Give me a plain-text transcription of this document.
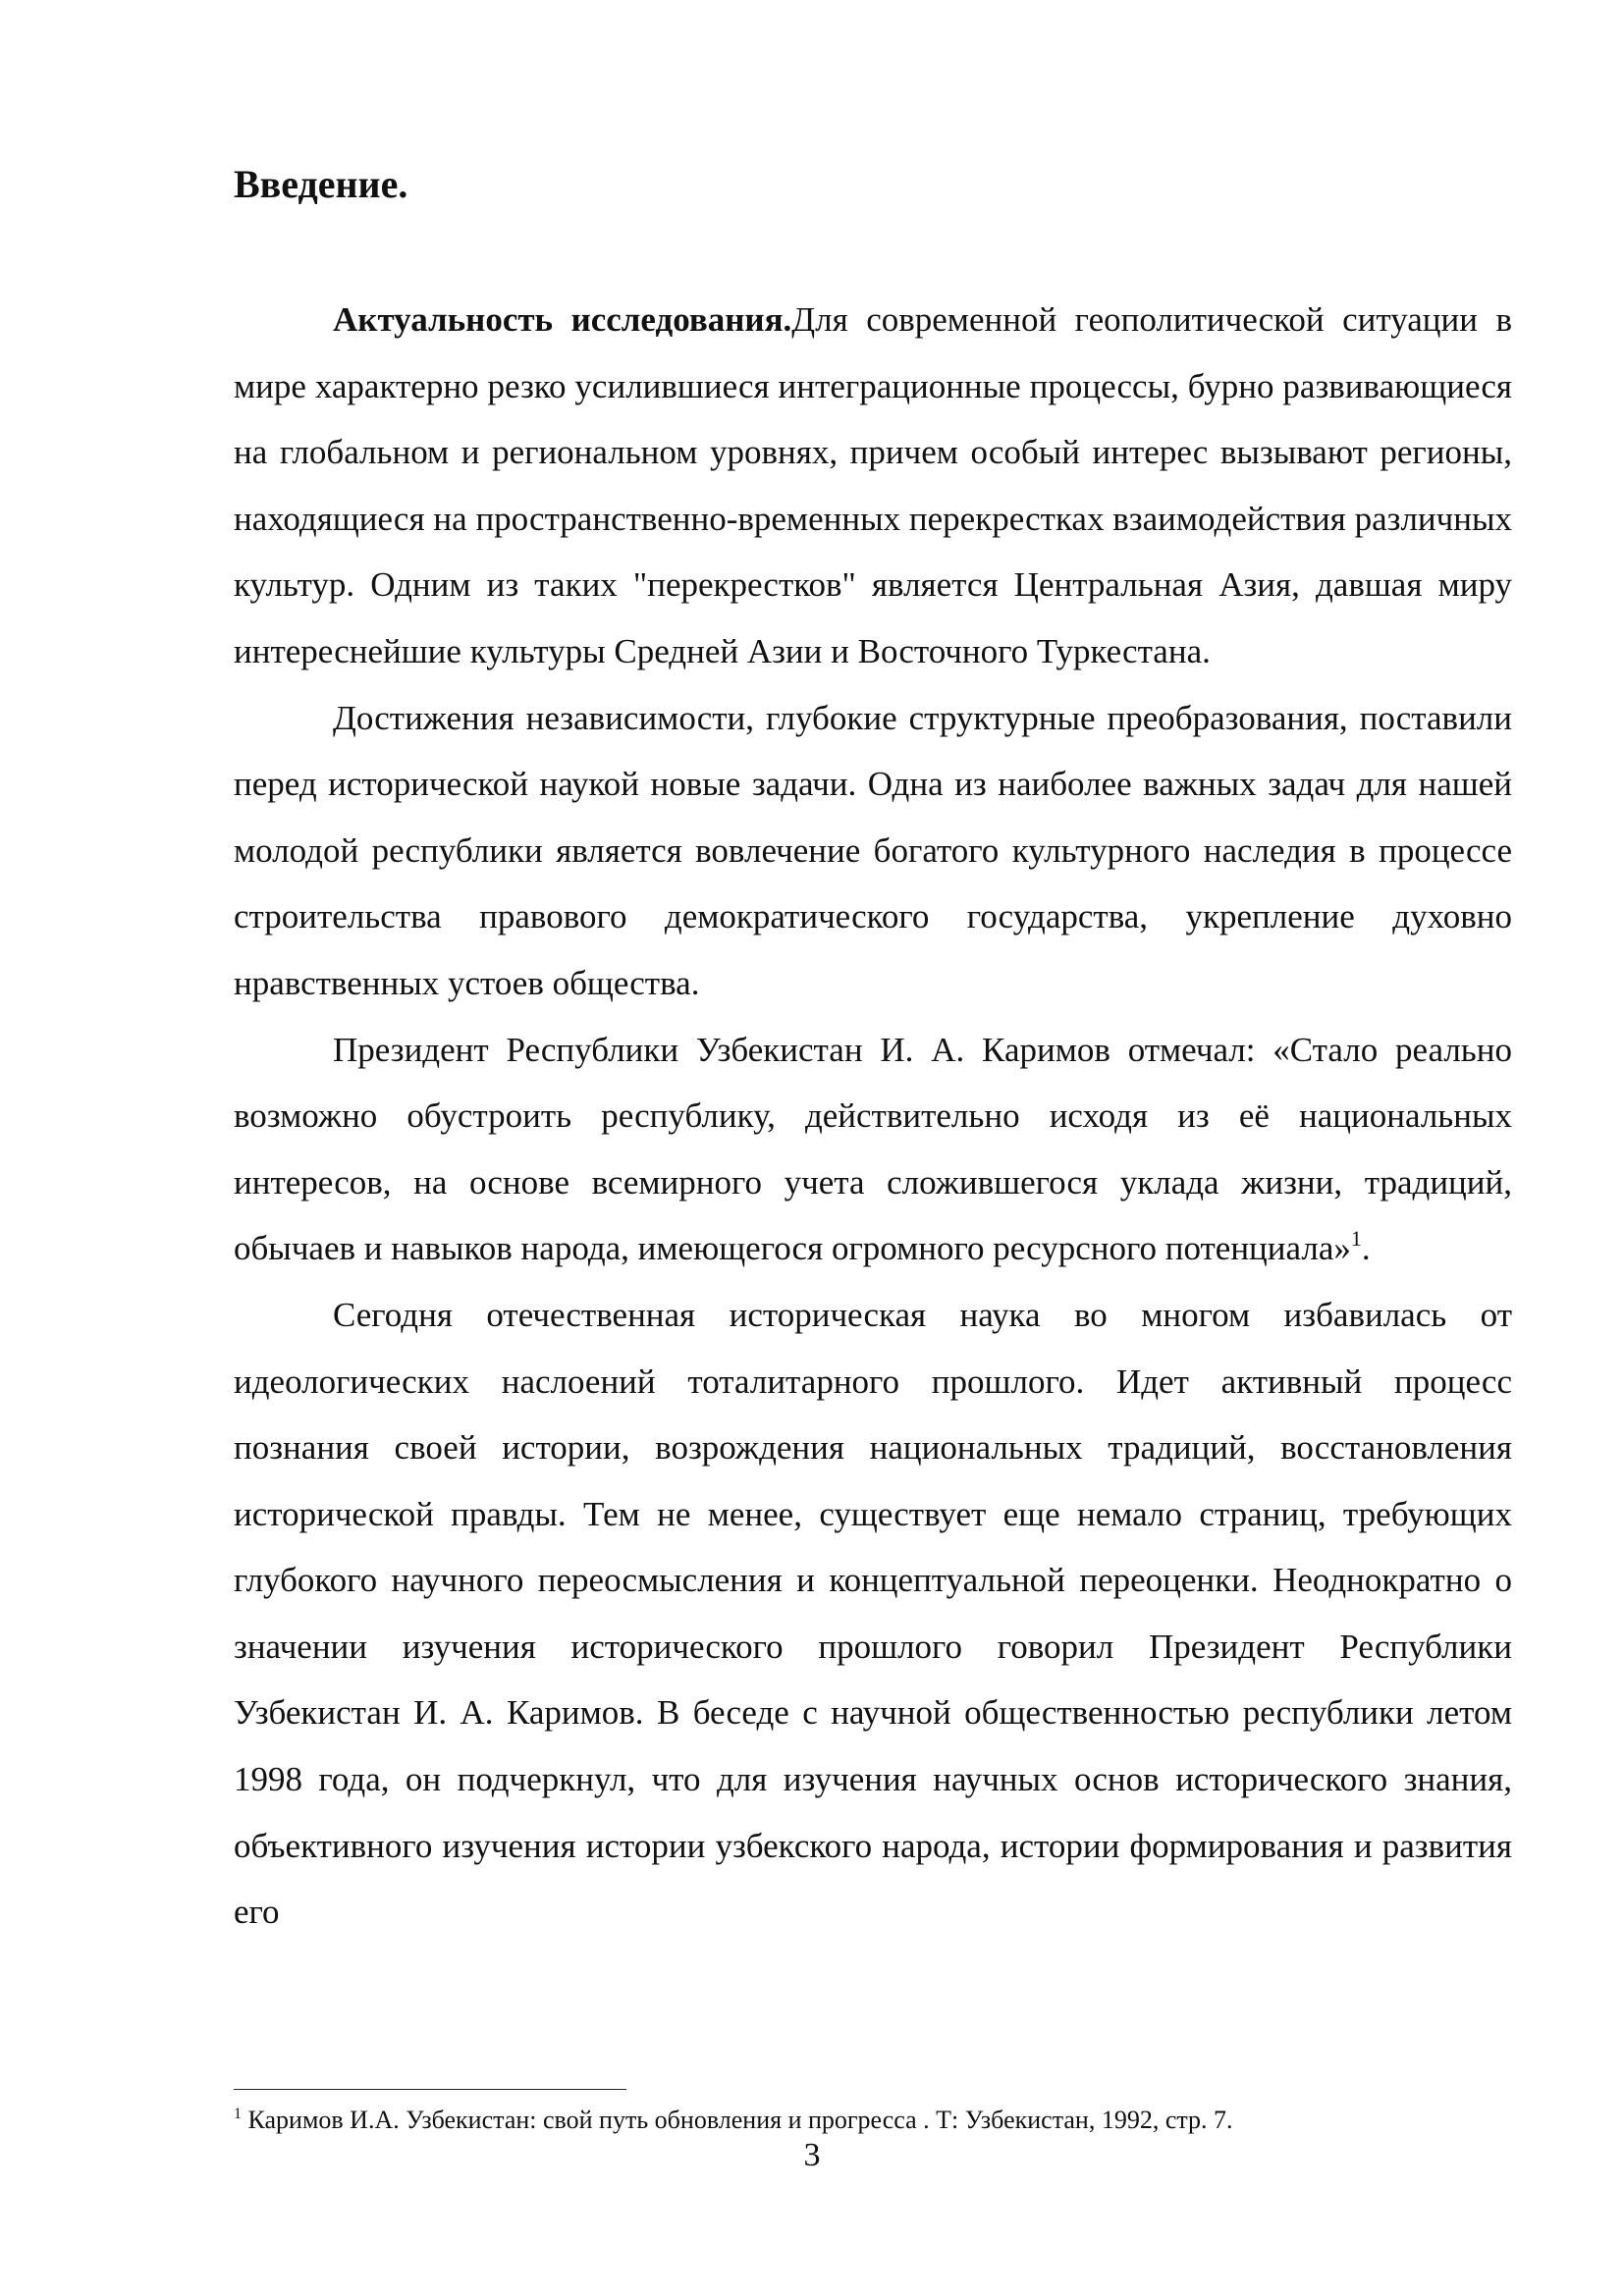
Введение.

Актуальность исследования.Для современной геополитической ситуации в мире характерно резко усилившиеся интеграционные процессы, бурно развивающиеся на глобальном и региональном уровнях, причем особый интерес вызывают регионы, находящиеся на пространственно-временных перекрестках взаимодействия различных культур. Одним из таких "перекрестков" является Центральная Азия, давшая миру интереснейшие культуры Средней Азии и Восточного Туркестана.

Достижения независимости, глубокие структурные преобразования, поставили перед исторической наукой новые задачи. Одна из наиболее важных задач для нашей молодой республики является вовлечение богатого культурного наследия в процессе строительства правового демократического государства, укрепление духовно нравственных устоев общества.

Президент Республики Узбекистан И. А. Каримов отмечал: «Стало реально возможно обустроить республику, действительно исходя из её национальных интересов, на основе всемирного учета сложившегося уклада жизни, традиций, обычаев и навыков народа, имеющегося огромного ресурсного потенциала»$^1$.

Сегодня отечественная историческая наука во многом избавилась от идеологических наслоений тоталитарного прошлого. Идет активный процесс познания своей истории, возрождения национальных традиций, восстановления исторической правды. Тем не менее, существует еще немало страниц, требующих глубокого научного переосмысления и концептуальной переоценки. Неоднократно о значении изучения исторического прошлого говорил Президент Республики Узбекистан И. А. Каримов. В беседе с научной общественностью республики летом 1998 года, он подчеркнул, что для изучения научных основ исторического знания, объективного изучения истории узбекского народа, истории формирования и развития его

$^1$ Каримов И.А. Узбекистан: свой путь обновления и прогресса . Т: Узбекистан, 1992, стр. 7.

3
